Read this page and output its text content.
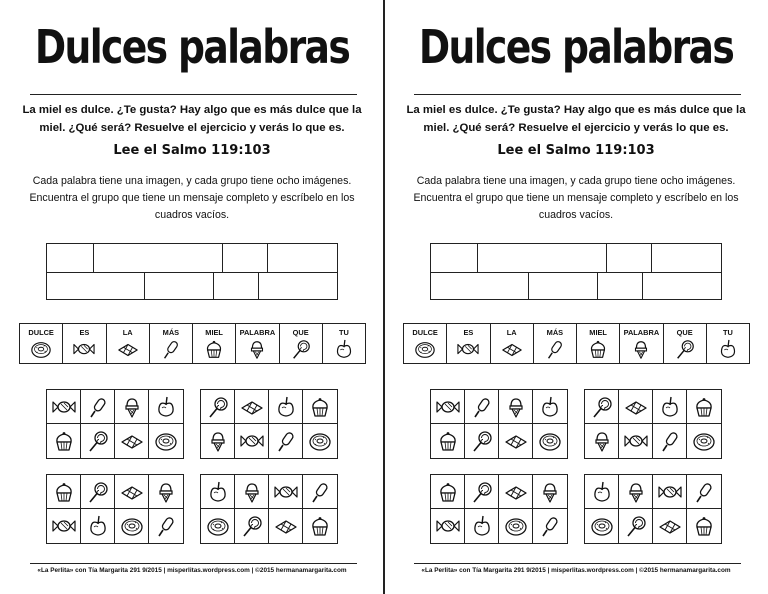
Dulces palabras
La miel es dulce. ¿Te gusta? Hay algo que es más dulce que la miel. ¿Qué será? Resuelve el ejercicio y verás lo que es.
Lee el Salmo 119:103
Cada palabra tiene una imagen, y cada grupo tiene ocho imágenes. Encuentra el grupo que tiene un mensaje completo y escríbelo en los cuadros vacíos.
DULCE	ES	LA	MÁS	MIEL PALABRA QUE	TU
«La Perlita» con Tía Margarita 291 9/2015 | misperlitas.wordpress.com | ©2015 hermanamargarita.com
Dulces palabras
La miel es dulce. ¿Te gusta? Hay algo que es más dulce que la miel. ¿Qué será? Resuelve el ejercicio y verás lo que es.
Lee el Salmo 119:103
Cada palabra tiene una imagen, y cada grupo tiene ocho imágenes. Encuentra el grupo que tiene un mensaje completo y escríbelo en los cuadros vacíos.
DULCE	ES	LA	MÁS	MIEL PALABRA QUE	TU
«La Perlita» con Tía Margarita 291 9/2015 | misperlitas.wordpress.com | ©2015 hermanamargarita.com
